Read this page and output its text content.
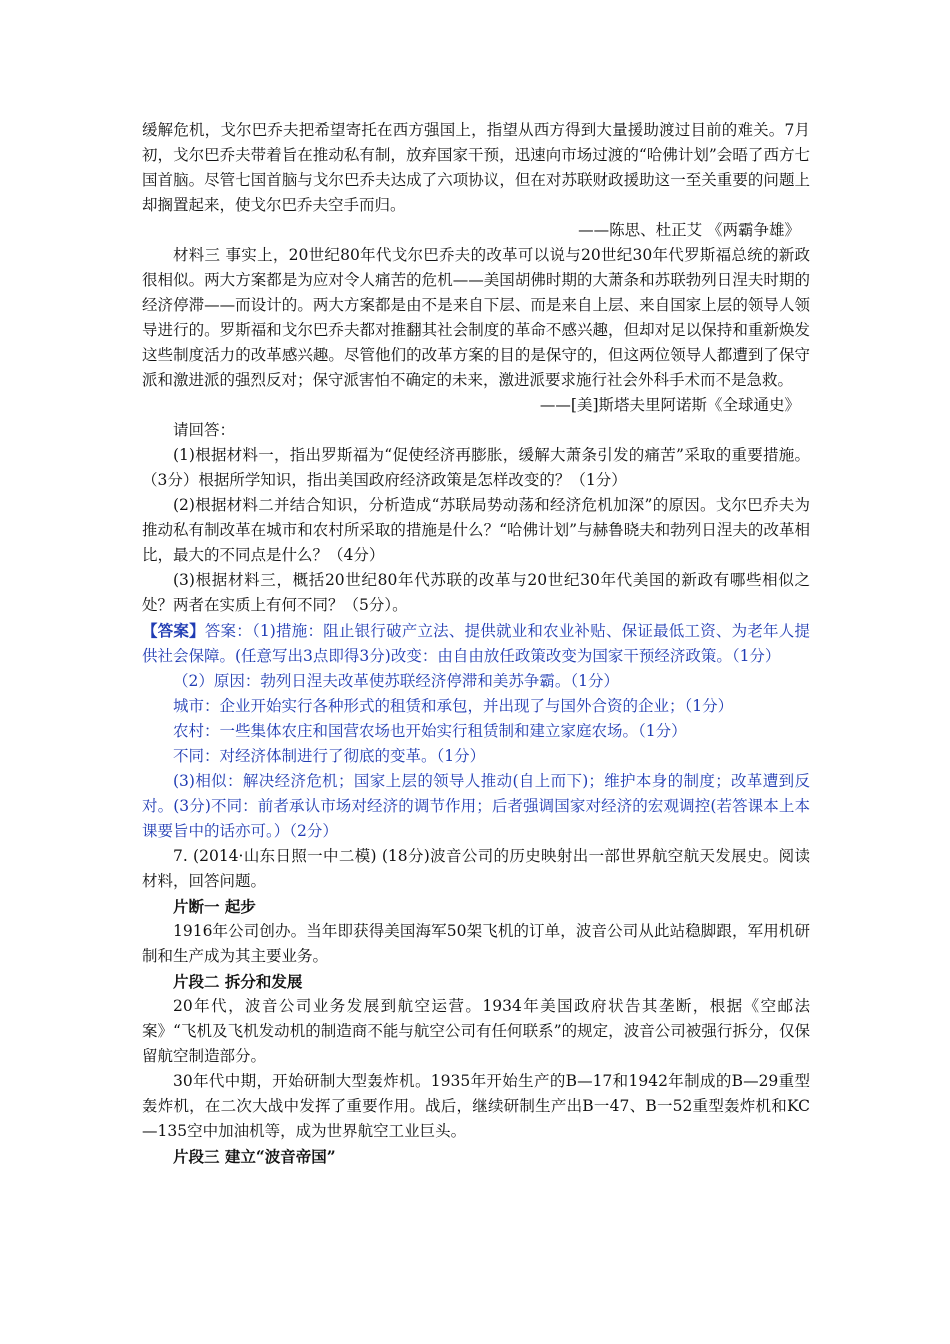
缓解危机，戈尔巴乔夫把希望寄托在西方强国上，指望从西方得到大量援助渡过目前的难关。7月初，戈尔巴乔夫带着旨在推动私有制，放弃国家干预，迅速向市场过渡的“哈佛计划”会晤了西方七国首脑。尽管七国首脑与戈尔巴乔夫达成了六项协议，但在对苏联财政援助这一至关重要的问题上却搁置起来，使戈尔巴乔夫空手而归。

——陈思、杜正艾 《两霸争雄》

材料三 事实上，20世纪80年代戈尔巴乔夫的改革可以说与20世纪30年代罗斯福总统的新政很相似。两大方案都是为应对令人痛苦的危机——美国胡佛时期的大萧条和苏联勃列日涅夫时期的经济停滞——而设计的。两大方案都是由不是来自下层、而是来自上层、来自国家上层的领导人领导进行的。罗斯福和戈尔巴乔夫都对推翻其社会制度的革命不感兴趣，但却对足以保持和重新焕发这些制度活力的改革感兴趣。尽管他们的改革方案的目的是保守的，但这两位领导人都遭到了保守派和激进派的强烈反对；保守派害怕不确定的未来，激进派要求施行社会外科手术而不是急救。

——[美]斯塔夫里阿诺斯《全球通史》

请回答：

(1)根据材料一，指出罗斯福为“促使经济再膨胀，缓解大萧条引发的痛苦”采取的重要措施。（3分）根据所学知识，指出美国政府经济政策是怎样改变的？（1分）

(2)根据材料二并结合知识，分析造成“苏联局势动荡和经济危机加深”的原因。戈尔巴乔夫为推动私有制改革在城市和农村所采取的措施是什么？“哈佛计划”与赫鲁晓夫和勃列日涅夫的改革相比，最大的不同点是什么？（4分）

(3)根据材料三，概括20世纪80年代苏联的改革与20世纪30年代美国的新政有哪些相似之处？两者在实质上有何不同？（5分）。

【答案】答案：（1)措施：阻止银行破产立法、提供就业和农业补贴、保证最低工资、为老年人提供社会保障。(任意写出3点即得3分)改变：由自由放任政策改变为国家干预经济政策。（1分）

（2）原因：勃列日涅夫改革使苏联经济停滞和美苏争霸。（1分）

城市：企业开始实行各种形式的租赁和承包，并出现了与国外合资的企业；（1分）

农村：一些集体农庄和国营农场也开始实行租赁制和建立家庭农场。（1分）

不同：对经济体制进行了彻底的变革。（1分）

(3)相似：解决经济危机；国家上层的领导人推动(自上而下)；维护本身的制度；改革遭到反对。(3分)不同：前者承认市场对经济的调节作用；后者强调国家对经济的宏观调控(若答课本上本课要旨中的话亦可。）（2分）

7. (2014·山东日照一中二模) (18分)波音公司的历史映射出一部世界航空航天发展史。阅读材料，回答问题。

片断一 起步

1916年公司创办。当年即获得美国海军50架飞机的订单，波音公司从此站稳脚跟，军用机研制和生产成为其主要业务。

片段二 拆分和发展

20年代，波音公司业务发展到航空运营。1934年美国政府状告其垄断，根据《空邮法案》“飞机及飞机发动机的制造商不能与航空公司有任何联系”的规定，波音公司被强行拆分，仅保留航空制造部分。

30年代中期，开始研制大型轰炸机。1935年开始生产的B—17和1942年制成的B—29重型轰炸机，在二次大战中发挥了重要作用。战后，继续研制生产出B一47、B一52重型轰炸机和KC—135空中加油机等，成为世界航空工业巨头。

片段三 建立“波音帝国”
